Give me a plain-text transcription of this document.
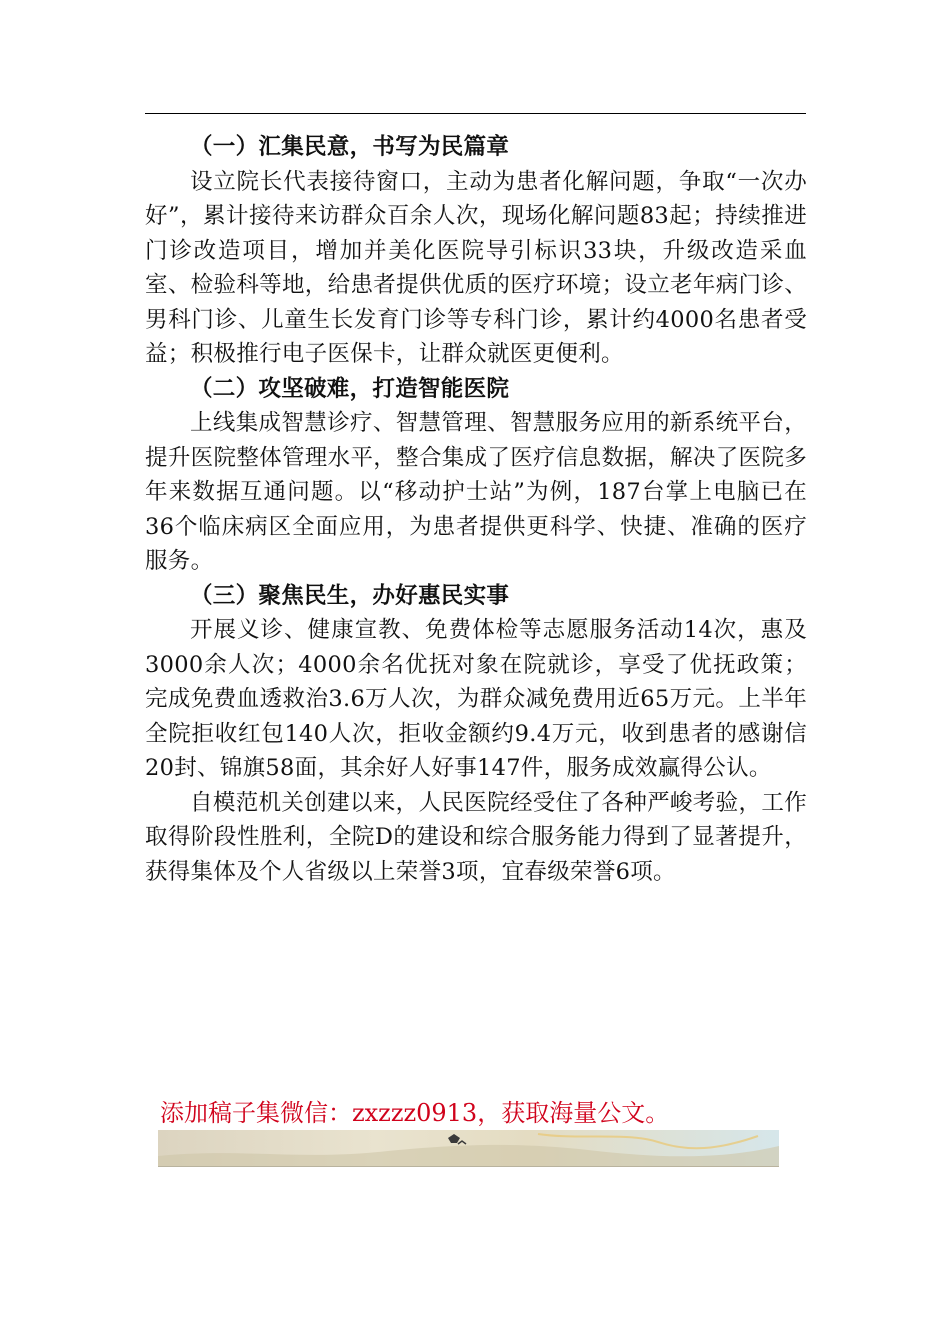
（一）汇集民意，书写为民篇章

设立院长代表接待窗口，主动为患者化解问题，争取“一次办好”，累计接待来访群众百余人次，现场化解问题83起；持续推进门诊改造项目，增加并美化医院导引标识33块，升级改造采血室、检验科等地，给患者提供优质的医疗环境；设立老年病门诊、男科门诊、儿童生长发育门诊等专科门诊，累计约4000名患者受益；积极推行电子医保卡，让群众就医更便利。

（二）攻坚破难，打造智能医院

上线集成智慧诊疗、智慧管理、智慧服务应用的新系统平台，提升医院整体管理水平，整合集成了医疗信息数据，解决了医院多年来数据互通问题。以“移动护士站”为例，187台掌上电脑已在36个临床病区全面应用，为患者提供更科学、快捷、准确的医疗服务。

（三）聚焦民生，办好惠民实事

开展义诊、健康宣教、免费体检等志愿服务活动14次，惠及3000余人次；4000余名优抚对象在院就诊，享受了优抚政策；完成免费血透救治3.6万人次，为群众减免费用近65万元。上半年全院拒收红包140人次，拒收金额约9.4万元，收到患者的感谢信20封、锦旗58面，其余好人好事147件，服务成效赢得公认。

自模范机关创建以来，人民医院经受住了各种严峻考验，工作取得阶段性胜利，全院D的建设和综合服务能力得到了显著提升，获得集体及个人省级以上荣誉3项，宜春级荣誉6项。

添加稿子集微信：zxzzz0913，获取海量公文。
